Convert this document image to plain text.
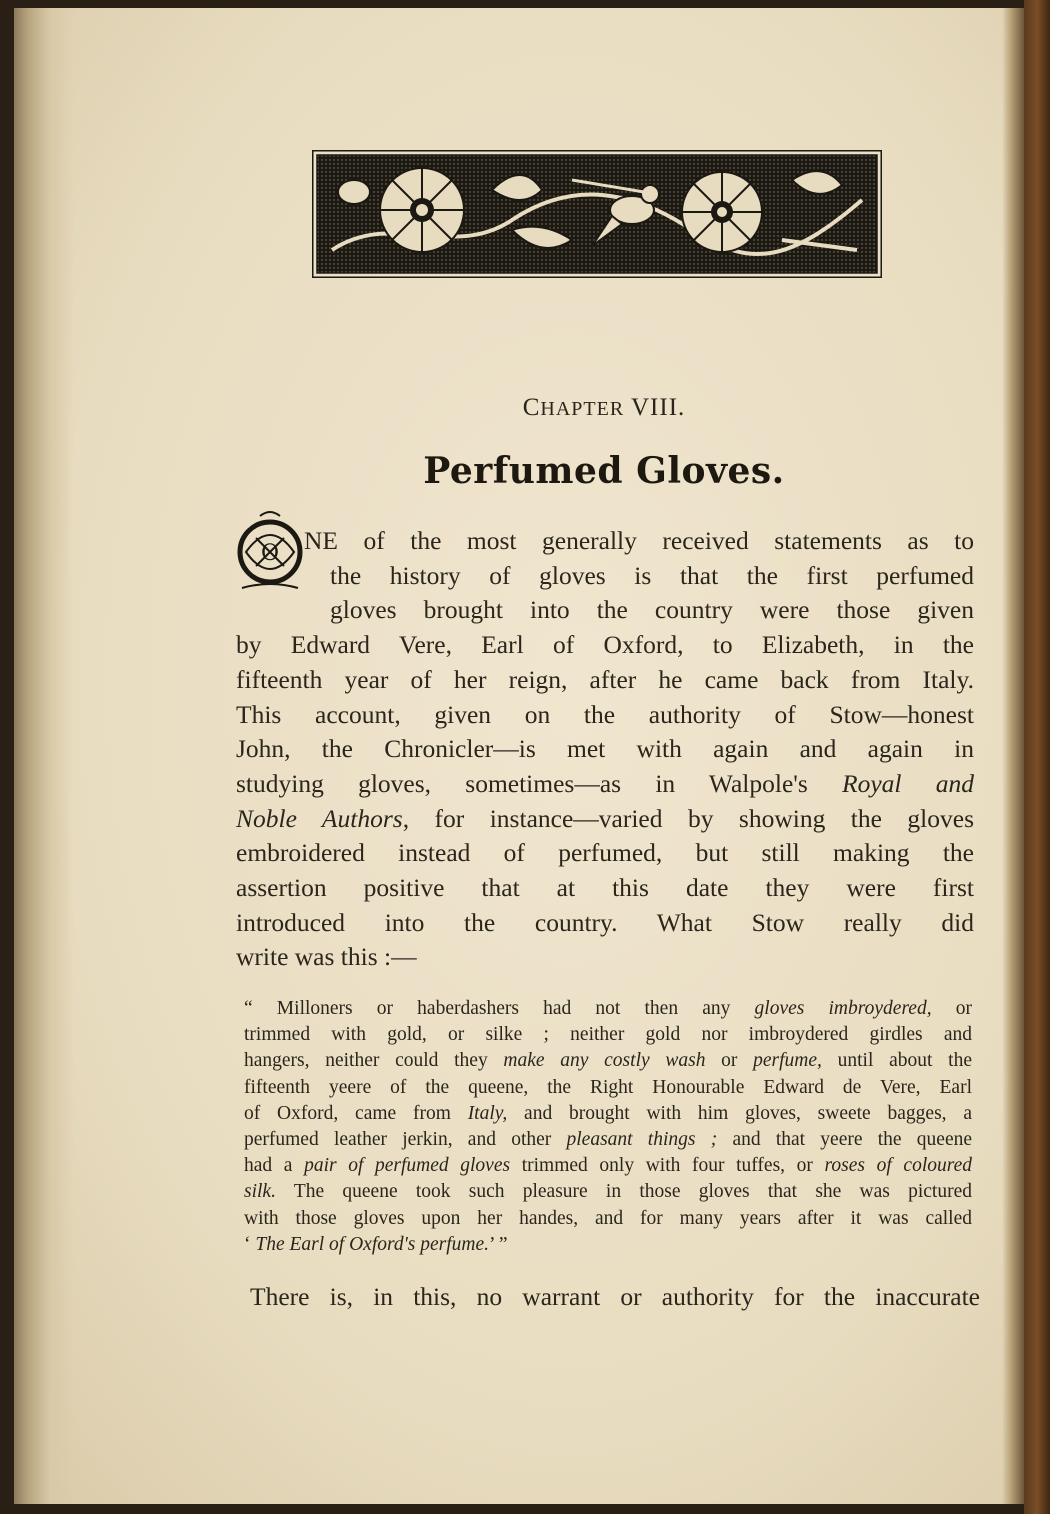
CHAPTER VIII.
Perfumed Gloves.
O NE of the most generally received statements as to
the history of gloves is that the first perfumed
gloves brought into the country were those given
by Edward Vere, Earl of Oxford, to Elizabeth, in the
fifteenth year of her reign, after he came back from Italy.
This account, given on the authority of Stow—honest
John, the Chronicler—is met with again and again in
studying gloves, sometimes—as in Walpole's Royal and
Noble Authors, for instance—varied by showing the gloves
embroidered instead of perfumed, but still making the
assertion positive that at this date they were first
introduced into the country. What Stow really did
write was this :—
“ Milloners or haberdashers had not then any gloves imbroydered, or
trimmed with gold, or silke ; neither gold nor imbroydered girdles and
hangers, neither could they make any costly wash or perfume, until about the
fifteenth yeere of the queene, the Right Honourable Edward de Vere, Earl
of Oxford, came from Italy, and brought with him gloves, sweete bagges, a
perfumed leather jerkin, and other pleasant things ; and that yeere the queene
had a pair of perfumed gloves trimmed only with four tuffes, or roses of coloured
silk. The queene took such pleasure in those gloves that she was pictured
with those gloves upon her handes, and for many years after it was called
‘ The Earl of Oxford's perfume.’ ”
There is, in this, no warrant or authority for the inaccurate
